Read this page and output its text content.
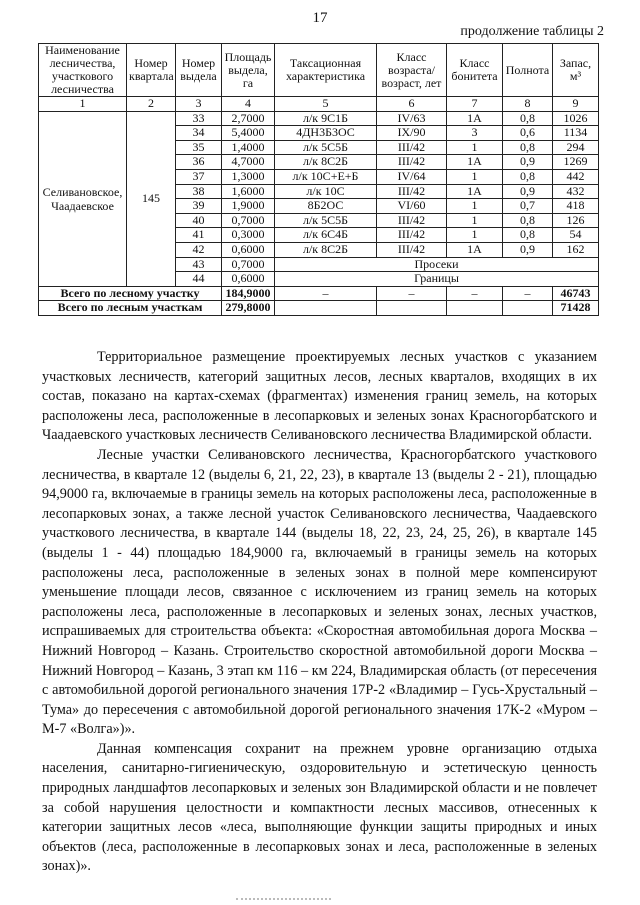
17
продолжение таблицы 2
Наименование лесничества, участкового лесничества	Номер квартала	Номер выдела	Площадь выдела, га	Таксационная характеристика	Класс возраста/ возраст, лет	Класс бонитета	Полнота	Запас, м³
1	2	3	4	5	6	7	8	9
Селивановское, Чаадаевское	145	33	2,7000	л/к 9С1Б	IV/63	1А	0,8	1026
		34	5,4000	4ДН3Б3ОС	IX/90	3	0,6	1134
		35	1,4000	л/к 5С5Б	III/42	1	0,8	294
		36	4,7000	л/к 8С2Б	III/42	1А	0,9	1269
		37	1,3000	л/к 10С+Е+Б	IV/64	1	0,8	442
		38	1,6000	л/к 10С	III/42	1А	0,9	432
		39	1,9000	8Б2ОС	VI/60	1	0,7	418
		40	0,7000	л/к 5С5Б	III/42	1	0,8	126
		41	0,3000	л/к 6С4Б	III/42	1	0,8	54
		42	0,6000	л/к 8С2Б	III/42	1А	0,9	162
		43	0,7000	Просеки				
		44	0,6000	Границы				
Всего по лесному участку			184,9000	–	–	–	–	46743
Всего по лесным участкам			279,8000					71428

Территориальное размещение проектируемых лесных участков с указанием участковых лесничеств, категорий защитных лесов, лесных кварталов, входящих в их состав, показано на картах-схемах (фрагментах) изменения границ земель, на которых расположены леса, расположенные в лесопарковых и зеленых зонах Красногорбатского и Чаадаевского участковых лесничеств Селивановского лесничества Владимирской области.

Лесные участки Селивановского лесничества, Красногорбатского участкового лесничества, в квартале 12 (выделы 6, 21, 22, 23), в квартале 13 (выделы 2 - 21), площадью 94,9000 га, включаемые в границы земель на которых расположены леса, расположенные в лесопарковых зонах, а также лесной участок Селивановского лесничества, Чаадаевского участкового лесничества, в квартале 144 (выделы 18, 22, 23, 24, 25, 26), в квартале 145 (выделы 1 - 44) площадью 184,9000 га, включаемый в границы земель на которых расположены леса, расположенные в зеленых зонах в полной мере компенсируют уменьшение площади лесов, связанное с исключением из границ земель на которых расположены леса, расположенные в лесопарковых и зеленых зонах, лесных участков, испрашиваемых для строительства объекта: «Скоростная автомобильная дорога Москва – Нижний Новгород – Казань. Строительство скоростной автомобильной дороги Москва – Нижний Новгород – Казань, 3 этап км 116 – км 224, Владимирская область (от пересечения с автомобильной дорогой регионального значения 17Р-2 «Владимир – Гусь-Хрустальный – Тума» до пересечения с автомобильной дорогой регионального значения 17К-2 «Муром – М-7 «Волга»)».

Данная компенсация сохранит на прежнем уровне организацию отдыха населения, санитарно-гигиеническую, оздоровительную и эстетическую ценность природных ландшафтов лесопарковых и зеленых зон Владимирской области и не повлечет за собой нарушения целостности и компактности лесных массивов, отнесенных к категории защитных лесов «леса, выполняющие функции защиты природных и иных объектов (леса, расположенные в лесопарковых зонах и леса, расположенные в зеленых зонах)».
